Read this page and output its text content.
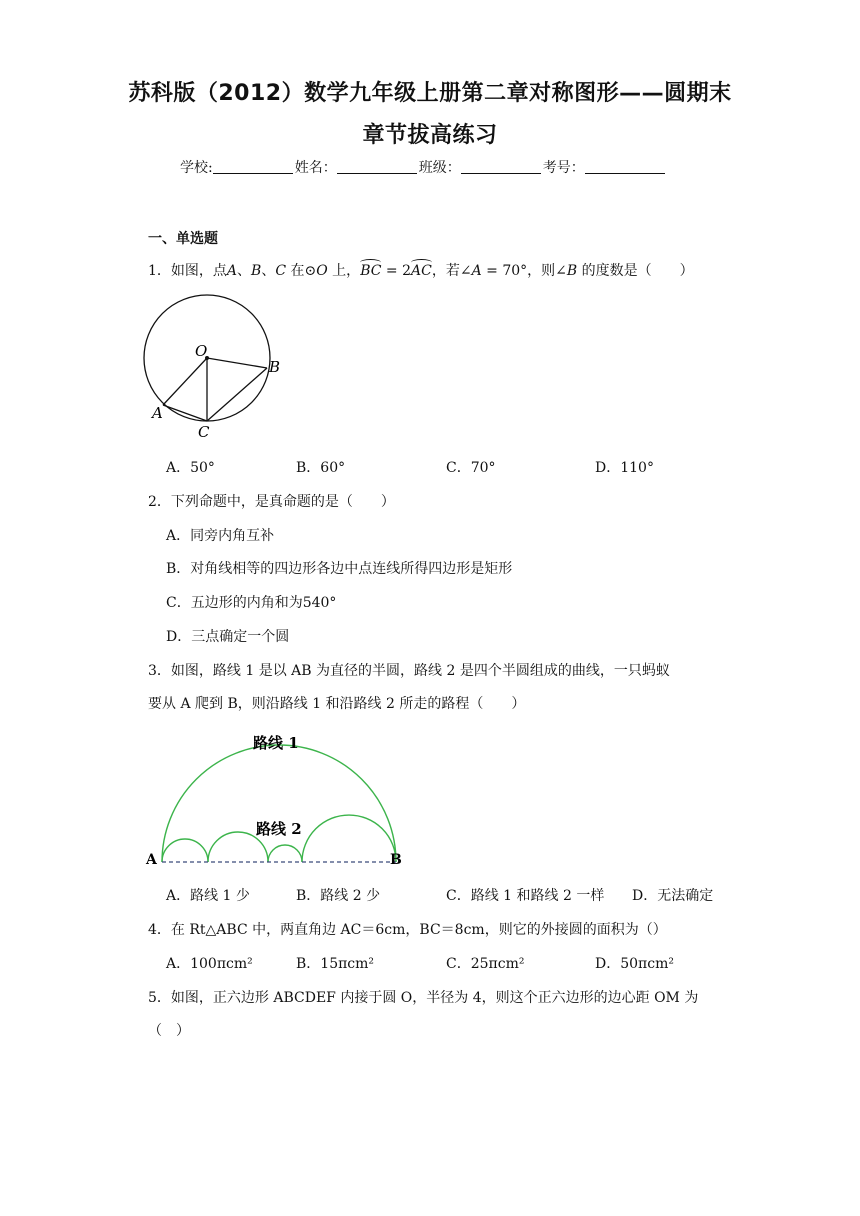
苏科版（2012）数学九年级上册第二章对称图形——圆期末
章节拔高练习
学校:	姓名：	班级：	考号：
一、单选题
1．如图，点A、B、C 在⊙O 上，BC = 2AC，若∠A = 70°，则∠B 的度数是（　　）
O
A
B
C
A．50°	B．60°	C．70°	D．110°
2．下列命题中，是真命题的是（　　）
A．同旁内角互补
B．对角线相等的四边形各边中点连线所得四边形是矩形
C．五边形的内角和为540°
D．三点确定一个圆
3．如图，路线 1 是以 AB 为直径的半圆，路线 2 是四个半圆组成的曲线，一只蚂蚁
要从 A 爬到 B，则沿路线 1 和沿路线 2 所走的路程（　　）
路线 1
路线 2
A	B
A．路线 1 少	B．路线 2 少	C．路线 1 和路线 2 一样 D．无法确定
4．在 Rt△ABC 中，两直角边 AC＝6cm，BC＝8cm，则它的外接圆的面积为（）
A．100πcm²	B．15πcm²	C．25πcm²	D．50πcm²
5．如图，正六边形 ABCDEF 内接于圆 O，半径为 4，则这个正六边形的边心距 OM 为
（　）
